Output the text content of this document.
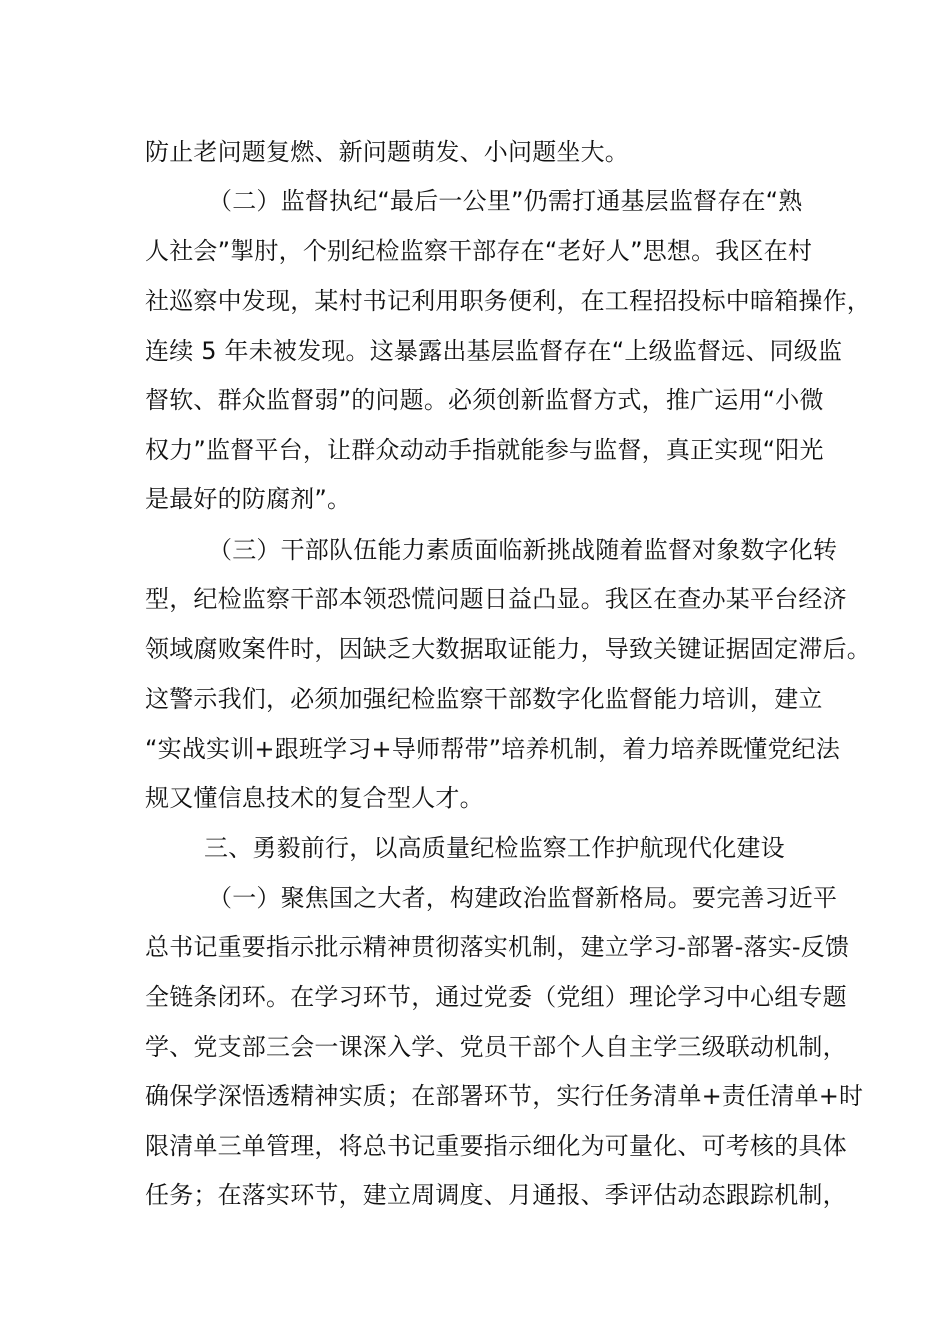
防止老问题复燃、新问题萌发、小问题坐大。
（二）监督执纪“最后一公里”仍需打通基层监督存在“熟
人社会”掣肘，个别纪检监察干部存在“老好人”思想。我区在村
社巡察中发现，某村书记利用职务便利，在工程招投标中暗箱操作，
连续 5 年未被发现。这暴露出基层监督存在“上级监督远、同级监
督软、群众监督弱”的问题。必须创新监督方式，推广运用“小微
权力”监督平台，让群众动动手指就能参与监督，真正实现“阳光
是最好的防腐剂”。
（三）干部队伍能力素质面临新挑战随着监督对象数字化转
型，纪检监察干部本领恐慌问题日益凸显。我区在查办某平台经济
领域腐败案件时，因缺乏大数据取证能力，导致关键证据固定滞后。
这警示我们，必须加强纪检监察干部数字化监督能力培训，建立
“实战实训+跟班学习+导师帮带”培养机制，着力培养既懂党纪法
规又懂信息技术的复合型人才。
三、勇毅前行，以高质量纪检监察工作护航现代化建设
（一）聚焦国之大者，构建政治监督新格局。要完善习近平
总书记重要指示批示精神贯彻落实机制，建立学习-部署-落实-反馈
全链条闭环。在学习环节，通过党委（党组）理论学习中心组专题
学、党支部三会一课深入学、党员干部个人自主学三级联动机制，
确保学深悟透精神实质；在部署环节，实行任务清单+责任清单+时
限清单三单管理，将总书记重要指示细化为可量化、可考核的具体
任务；在落实环节，建立周调度、月通报、季评估动态跟踪机制，
